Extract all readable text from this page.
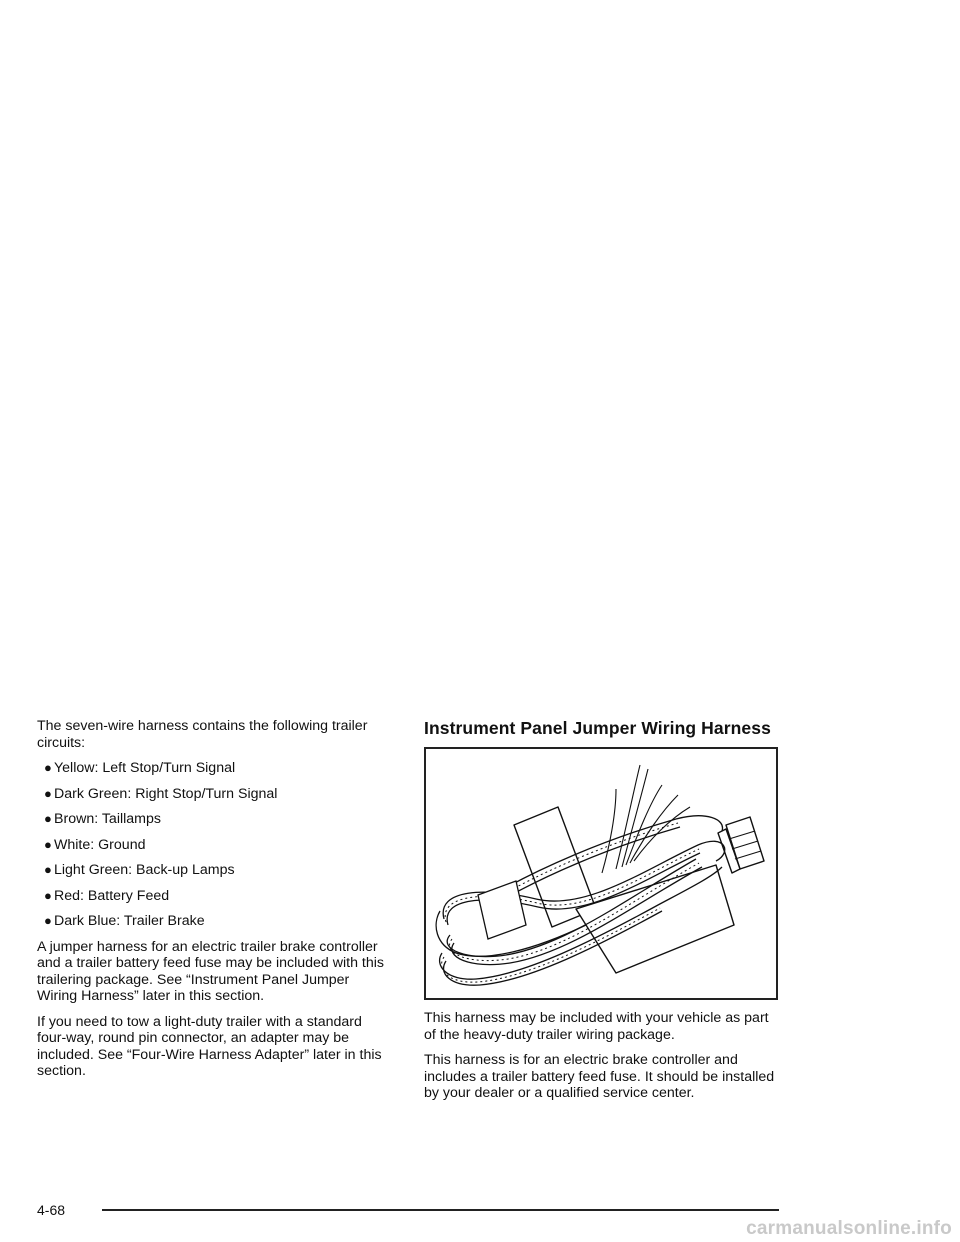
The seven-wire harness contains the following trailer circuits:

● Yellow: Left Stop/Turn Signal
● Dark Green: Right Stop/Turn Signal
● Brown: Taillamps
● White: Ground
● Light Green: Back-up Lamps
● Red: Battery Feed
● Dark Blue: Trailer Brake

A jumper harness for an electric trailer brake controller and a trailer battery feed fuse may be included with this trailering package. See “Instrument Panel Jumper Wiring Harness” later in this section.

If you need to tow a light-duty trailer with a standard four-way, round pin connector, an adapter may be included. See “Four-Wire Harness Adapter” later in this section.

Instrument Panel Jumper Wiring Harness

This harness may be included with your vehicle as part of the heavy-duty trailer wiring package.

This harness is for an electric brake controller and includes a trailer battery feed fuse. It should be installed by your dealer or a qualified service center.

4-68
carmanualsonline.info
